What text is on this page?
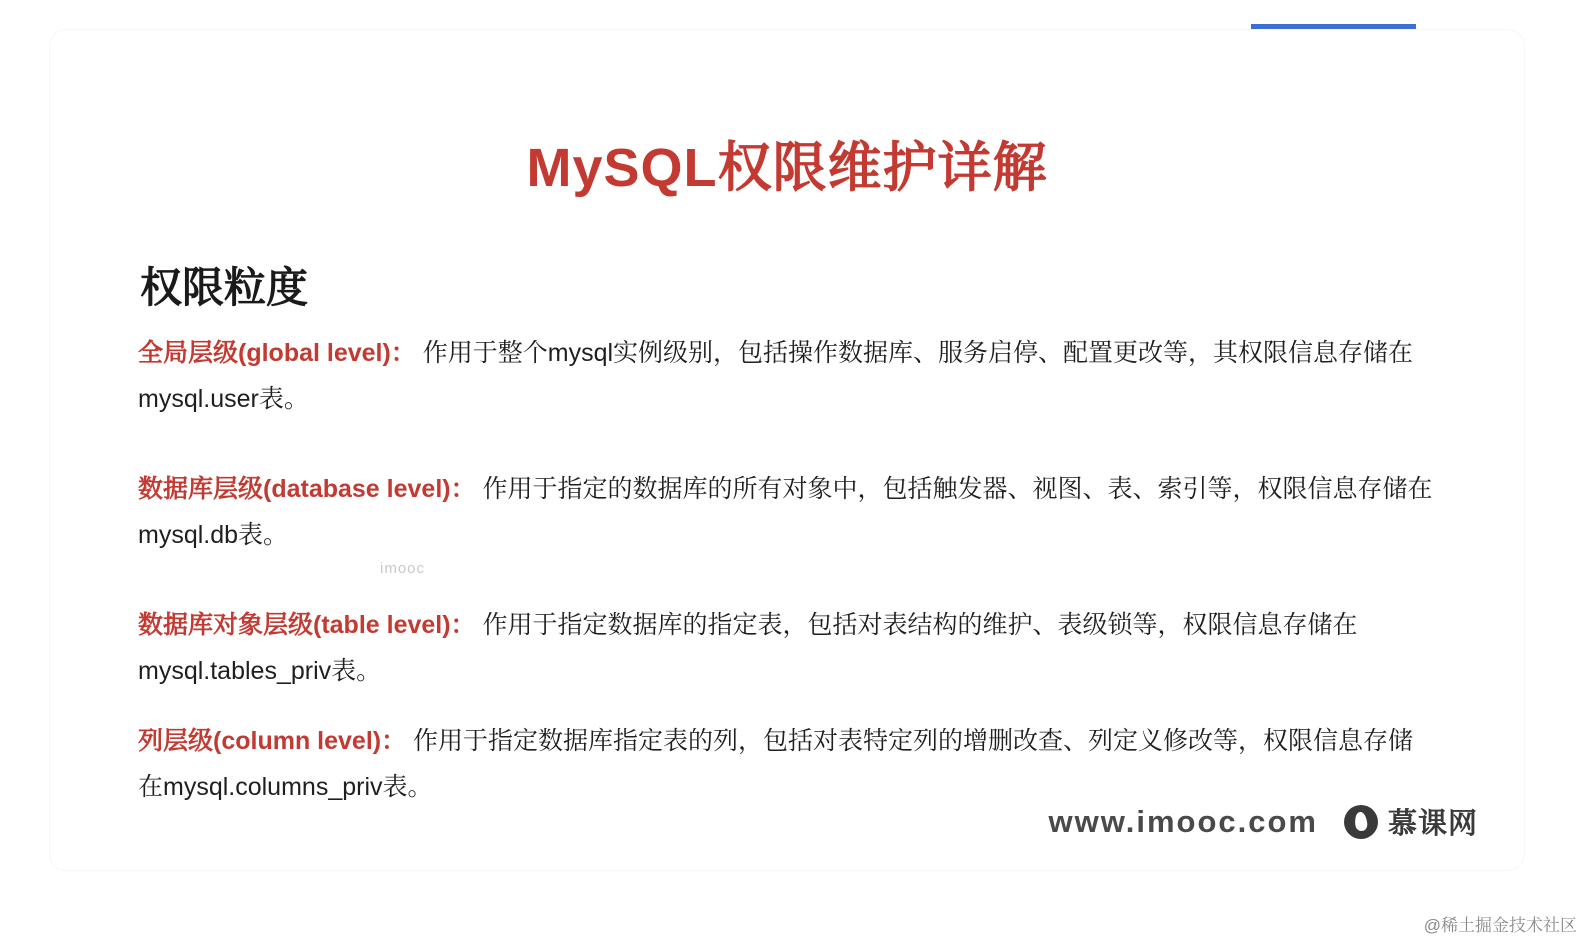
MySQL权限维护详解
权限粒度
全局层级(global level)： 作用于整个mysql实例级别，包括操作数据库、服务启停、配置更改等，其权限信息存储在mysql.user表。
数据库层级(database level)： 作用于指定的数据库的所有对象中，包括触发器、视图、表、索引等，权限信息存储在mysql.db表。
imooc
数据库对象层级(table level)： 作用于指定数据库的指定表，包括对表结构的维护、表级锁等，权限信息存储在mysql.tables_priv表。
列层级(column level)： 作用于指定数据库指定表的列，包括对表特定列的增删改查、列定义修改等，权限信息存储在mysql.columns_priv表。
www.imooc.com 慕课网
@稀土掘金技术社区
